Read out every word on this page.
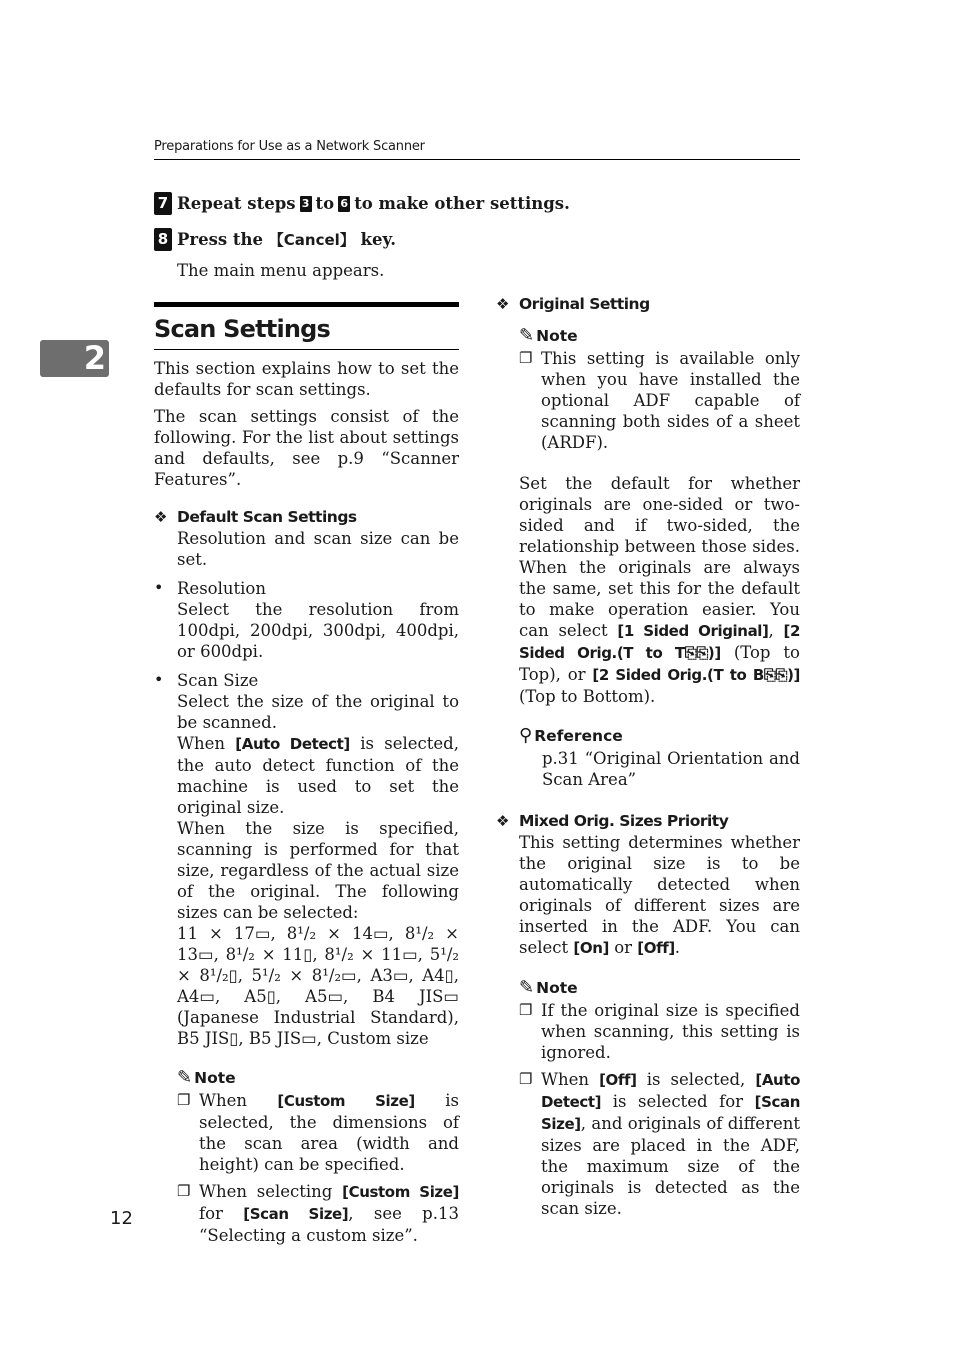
Preparations for Use as a Network Scanner
2
7 Repeat steps 3 to 6 to make other settings.
8 Press the
【Cancel】
key.
The main menu appears.
Scan Settings

This section explains how to set the defaults for scan settings.

The scan settings consist of the following. For the list about settings and defaults, see p.9 “Scanner Features”.

❖ Default Scan Settings

Resolution and scan size can be set.

• Resolution

Select the resolution from 100dpi, 200dpi, 300dpi, 400dpi, or 600dpi.

• Scan Size

Select the size of the original to be scanned.

When [Auto Detect] is selected, the auto detect function of the machine is used to set the original size.

When the size is specified, scanning is performed for that size, regardless of the actual size of the original. The following sizes can be selected:

11 × 17▭, 8¹/₂ × 14▭, 8¹/₂ × 13▭, 8¹/₂ × 11▯, 8¹/₂ × 11▭, 5¹/₂ × 8¹/₂▯, 5¹/₂ × 8¹/₂▭, A3▭, A4▯, A4▭, A5▯, A5▭, B4 JIS▭ (Japanese Industrial Standard), B5 JIS▯, B5 JIS▭, Custom size

✎ Note
❐ When [Custom Size] is selected, the dimensions of the scan area (width and height) can be specified.

❐ When selecting [Custom Size] for [Scan Size], see p.13 “Selecting a custom size”.

❖ Original Setting
✎ Note
❐ This setting is available only when you have installed the optional ADF capable of scanning both sides of a sheet (ARDF).

Set the default for whether originals are one-sided or two-sided and if two-sided, the relationship between those sides. When the originals are always the same, set this for the default to make operation easier. You can select [1 Sided Original], [2 Sided Orig.(T to T⎘⎘)] (Top to Top), or [2 Sided Orig.(T to B⎘⎘)] (Top to Bottom).

⚲ Reference

p.31 “Original Orientation and Scan Area”

❖ Mixed Orig. Sizes Priority

This setting determines whether the original size is to be automatically detected when originals of different sizes are inserted in the ADF. You can select [On] or [Off].

✎ Note
❐ If the original size is specified when scanning, this setting is ignored.

❐ When [Off] is selected, [Auto Detect] is selected for [Scan Size], and originals of different sizes are placed in the ADF, the maximum size of the originals is detected as the scan size.

12
